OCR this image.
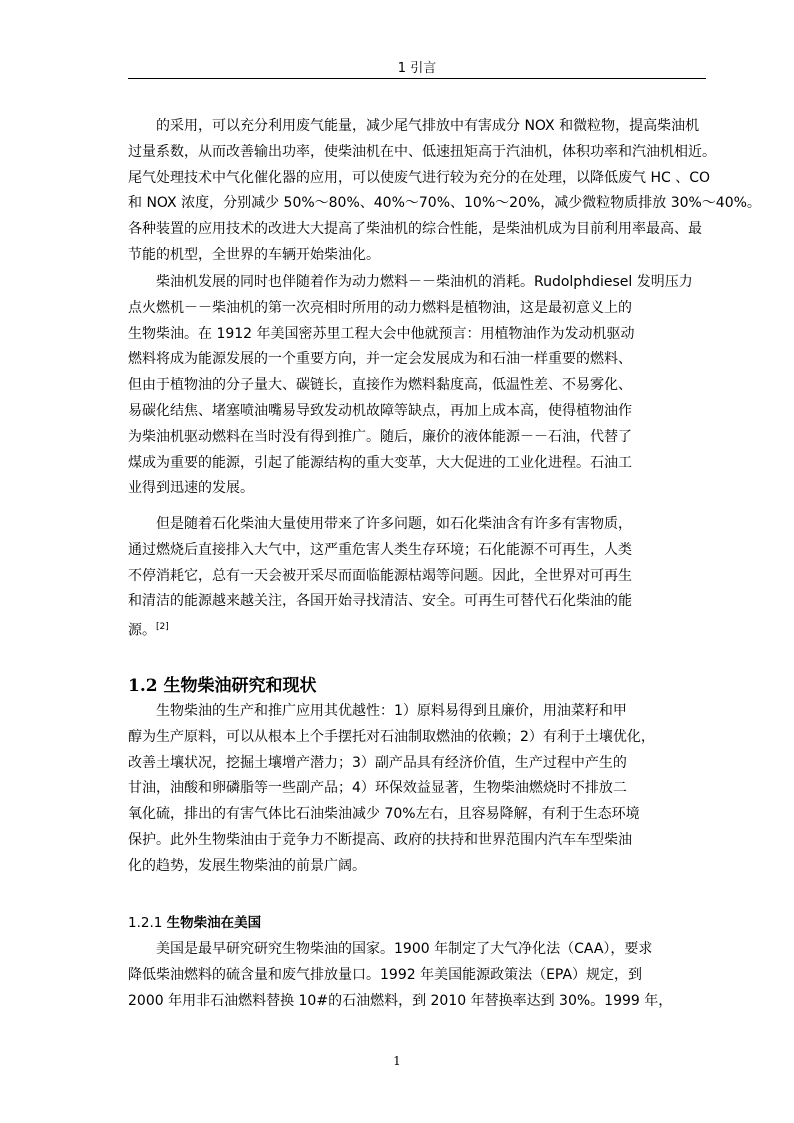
1 引言
的采用，可以充分利用废气能量，减少尾气排放中有害成分 NOX 和微粒物，提高柴油机
过量系数，从而改善输出功率，使柴油机在中、低速扭矩高于汽油机，体积功率和汽油机相近。
尾气处理技术中气化催化器的应用，可以使废气进行较为充分的在处理，以降低废气 HC 、CO
和 NOX 浓度，分别减少 50%～80%、40%～70%、10%～20%，减少微粒物质排放 30%～40%。
各种装置的应用技术的改进大大提高了柴油机的综合性能，是柴油机成为目前利用率最高、最
节能的机型，全世界的车辆开始柴油化。
柴油机发展的同时也伴随着作为动力燃料－－柴油机的消耗。Rudolphdiesel 发明压力
点火燃机－－柴油机的第一次亮相时所用的动力燃料是植物油，这是最初意义上的
生物柴油。在 1912 年美国密苏里工程大会中他就预言：用植物油作为发动机驱动
燃料将成为能源发展的一个重要方向，并一定会发展成为和石油一样重要的燃料、
但由于植物油的分子量大、碳链长，直接作为燃料黏度高，低温性差、不易雾化、
易碳化结焦、堵塞喷油嘴易导致发动机故障等缺点，再加上成本高，使得植物油作
为柴油机驱动燃料在当时没有得到推广。随后，廉价的液体能源－－石油，代替了
煤成为重要的能源，引起了能源结构的重大变革，大大促进的工业化进程。石油工
业得到迅速的发展。
但是随着石化柴油大量使用带来了许多问题，如石化柴油含有许多有害物质，
通过燃烧后直接排入大气中，这严重危害人类生存环境；石化能源不可再生，人类
不停消耗它，总有一天会被开采尽而面临能源枯竭等问题。因此，全世界对可再生
和清洁的能源越来越关注，各国开始寻找清洁、安全。可再生可替代石化柴油的能
源。[2]
1.2 生物柴油研究和现状
生物柴油的生产和推广应用其优越性：1）原料易得到且廉价，用油菜籽和甲
醇为生产原料，可以从根本上个手摆托对石油制取燃油的依赖；2）有利于土壤优化，
改善土壤状况，挖掘土壤增产潜力；3）副产品具有经济价值，生产过程中产生的
甘油，油酸和卵磷脂等一些副产品；4）环保效益显著，生物柴油燃烧时不排放二
氧化硫，排出的有害气体比石油柴油减少 70%左右，且容易降解，有利于生态环境
保护。此外生物柴油由于竞争力不断提高、政府的扶持和世界范围内汽车车型柴油
化的趋势，发展生物柴油的前景广阔。
1.2.1 生物柴油在美国
美国是最早研究研究生物柴油的国家。1900 年制定了大气净化法（CAA），要求
降低柴油燃料的硫含量和废气排放量口。1992 年美国能源政策法（EPA）规定，到
2000 年用非石油燃料替换 10#的石油燃料，到 2010 年替换率达到 30%。1999 年，
1
